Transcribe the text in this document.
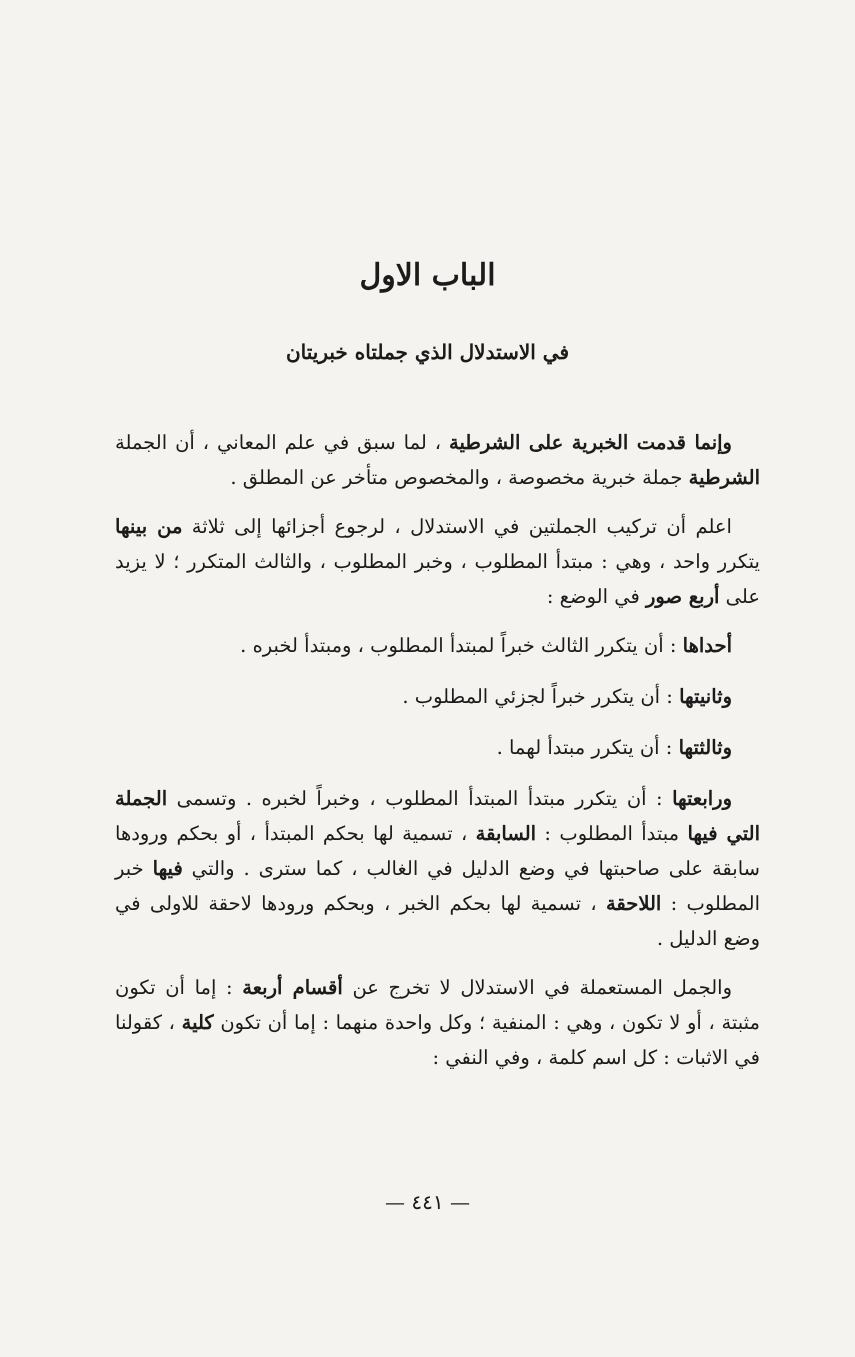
الباب الاول
في الاستدلال الذي جملتاه خبريتان

وإنما قدمت الخبرية على الشرطية ، لما سبق في علم المعاني ، أن الجملة الشرطية جملة خبرية مخصوصة ، والمخصوص متأخر عن المطلق .

اعلم أن تركيب الجملتين في الاستدلال ، لرجوع أجزائها إلى ثلاثة من بينها يتكرر واحد ، وهي : مبتدأ المطلوب ، وخبر المطلوب ، والثالث المتكرر ؛ لا يزيد على أربع صور في الوضع :

أحداها : أن يتكرر الثالث خبراً لمبتدأ المطلوب ، ومبتدأ لخبره .

وثانيتها : أن يتكرر خبراً لجزئي المطلوب .

وثالثتها : أن يتكرر مبتدأ لهما .

ورابعتها : أن يتكرر مبتدأ المبتدأ المطلوب ، وخبراً لخبره . وتسمى الجملة التي فيها مبتدأ المطلوب : السابقة ، تسمية لها بحكم المبتدأ ، أو بحكم ورودها سابقة على صاحبتها في وضع الدليل في الغالب ، كما سترى . والتي فيها خبر المطلوب : اللاحقة ، تسمية لها بحكم الخبر ، وبحكم ورودها لاحقة للاولى في وضع الدليل .

والجمل المستعملة في الاستدلال لا تخرج عن أقسام أربعة : إما أن تكون مثبتة ، أو لا تكون ، وهي : المنفية ؛ وكل واحدة منهما : إما أن تكون كلية ، كقولنا في الاثبات : كل اسم كلمة ، وفي النفي :

— ٤٤١ —
